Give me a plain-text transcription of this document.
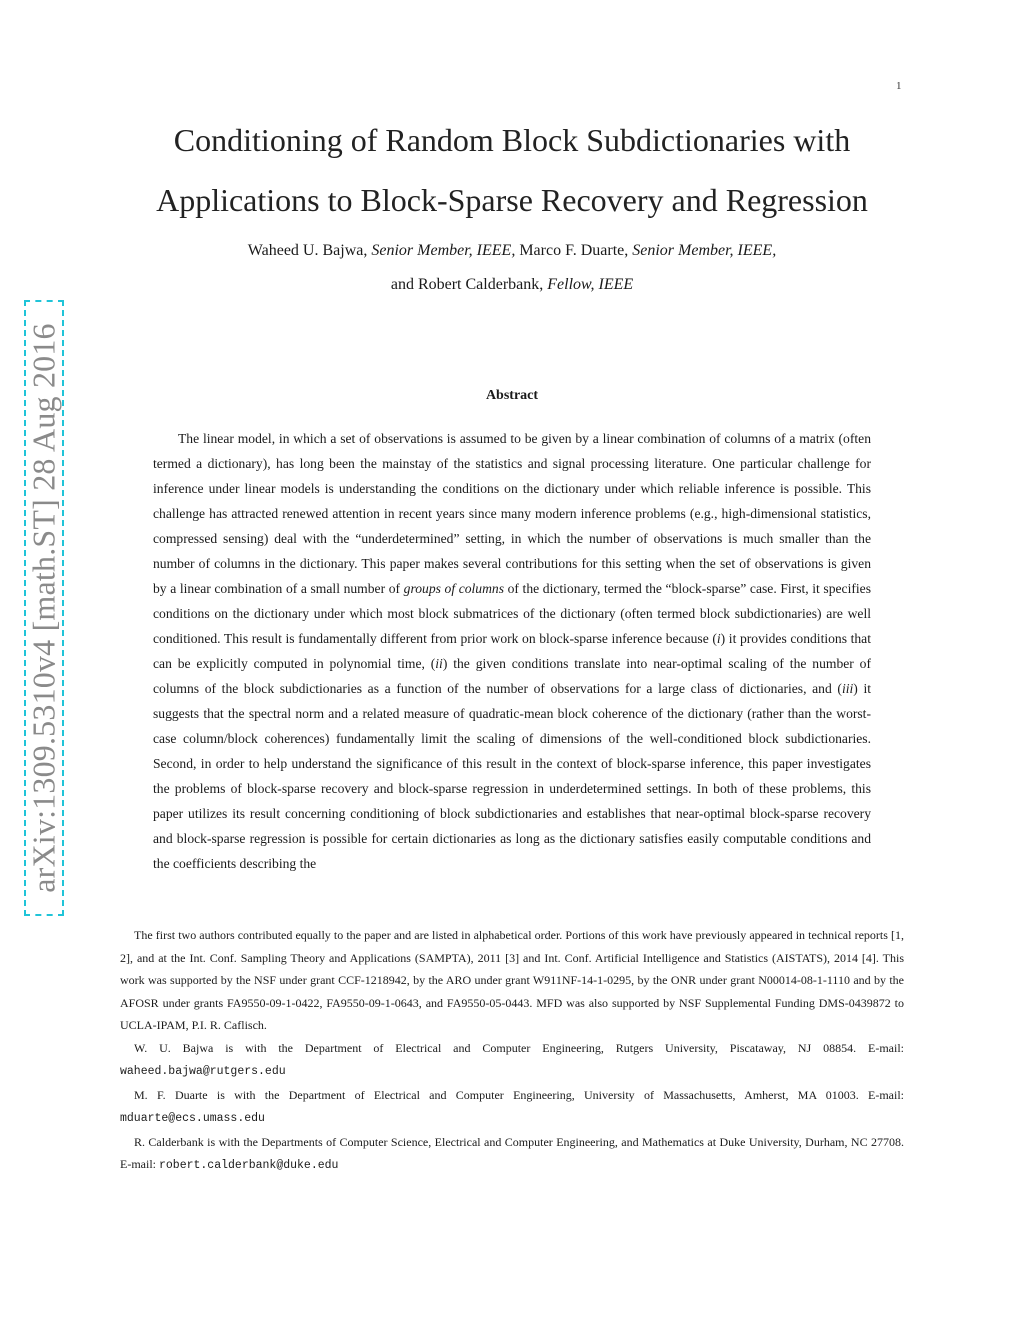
1
arXiv:1309.5310v4 [math.ST] 28 Aug 2016
Conditioning of Random Block Subdictionaries with
Applications to Block-Sparse Recovery and Regression
Waheed U. Bajwa, Senior Member, IEEE, Marco F. Duarte, Senior Member, IEEE,
and Robert Calderbank, Fellow, IEEE
Abstract
The linear model, in which a set of observations is assumed to be given by a linear combination of columns of a matrix (often termed a dictionary), has long been the mainstay of the statistics and signal processing literature. One particular challenge for inference under linear models is understanding the conditions on the dictionary under which reliable inference is possible. This challenge has attracted renewed attention in recent years since many modern inference problems (e.g., high-dimensional statistics, compressed sensing) deal with the “underdetermined” setting, in which the number of observations is much smaller than the number of columns in the dictionary. This paper makes several contributions for this setting when the set of observations is given by a linear combination of a small number of groups of columns of the dictionary, termed the “block-sparse” case. First, it specifies conditions on the dictionary under which most block submatrices of the dictionary (often termed block subdictionaries) are well conditioned. This result is fundamentally different from prior work on block-sparse inference because (i) it provides conditions that can be explicitly computed in polynomial time, (ii) the given conditions translate into near-optimal scaling of the number of columns of the block subdictionaries as a function of the number of observations for a large class of dictionaries, and (iii) it suggests that the spectral norm and a related measure of quadratic-mean block coherence of the dictionary (rather than the worst-case column/block coherences) fundamentally limit the scaling of dimensions of the well-conditioned block subdictionaries. Second, in order to help understand the significance of this result in the context of block-sparse inference, this paper investigates the problems of block-sparse recovery and block-sparse regression in underdetermined settings. In both of these problems, this paper utilizes its result concerning conditioning of block subdictionaries and establishes that near-optimal block-sparse recovery and block-sparse regression is possible for certain dictionaries as long as the dictionary satisfies easily computable conditions and the coefficients describing the

The first two authors contributed equally to the paper and are listed in alphabetical order. Portions of this work have previously appeared in technical reports [1, 2], and at the Int. Conf. Sampling Theory and Applications (SAMPTA), 2011 [3] and Int. Conf. Artificial Intelligence and Statistics (AISTATS), 2014 [4]. This work was supported by the NSF under grant CCF-1218942, by the ARO under grant W911NF-14-1-0295, by the ONR under grant N00014-08-1-1110 and by the AFOSR under grants FA9550-09-1-0422, FA9550-09-1-0643, and FA9550-05-0443. MFD was also supported by NSF Supplemental Funding DMS-0439872 to UCLA-IPAM, P.I. R. Caflisch.

W. U. Bajwa is with the Department of Electrical and Computer Engineering, Rutgers University, Piscataway, NJ 08854. E-mail: waheed.bajwa@rutgers.edu

M. F. Duarte is with the Department of Electrical and Computer Engineering, University of Massachusetts, Amherst, MA 01003. E-mail: mduarte@ecs.umass.edu

R. Calderbank is with the Departments of Computer Science, Electrical and Computer Engineering, and Mathematics at Duke University, Durham, NC 27708. E-mail: robert.calderbank@duke.edu
